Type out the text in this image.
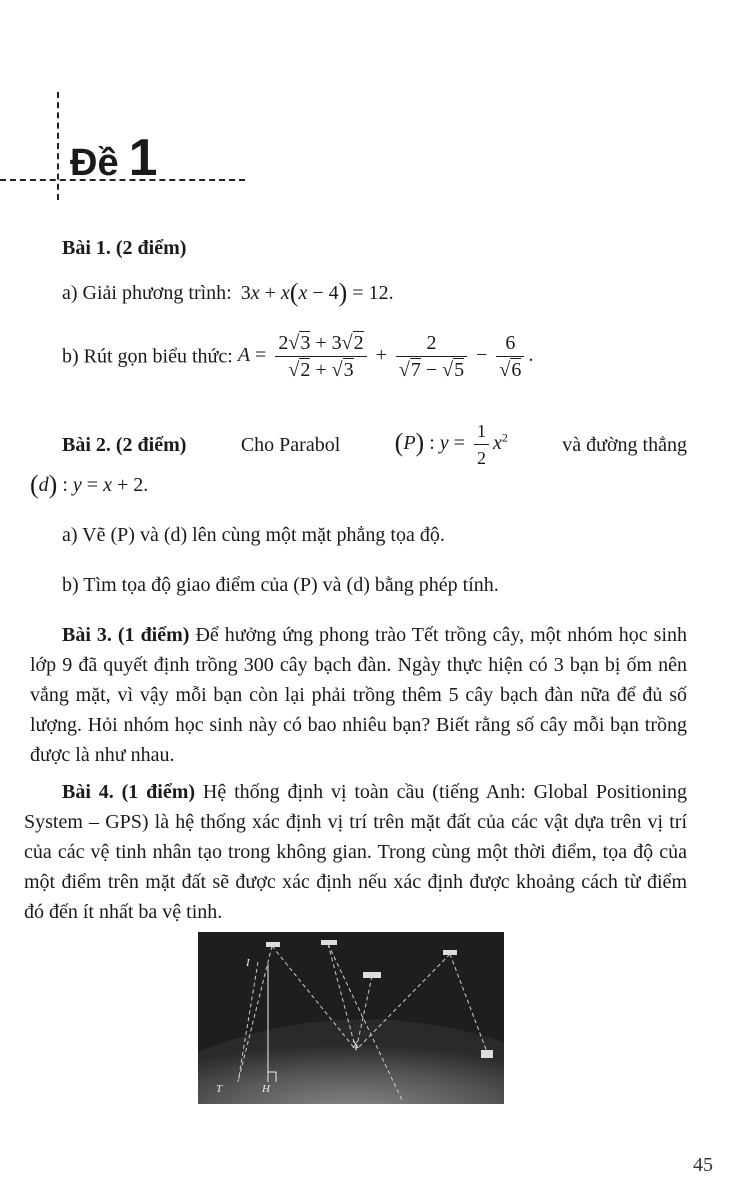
Đề 1
Bài 1. (2 điểm)
a) Giải phương trình: 3x + x(x − 4) = 12.
b) Rút gọn biểu thức: $A = \frac{2√3 + 3√2}{√2 + √3} + \frac{2}{√7 - √5} - \frac{6}{√6}$ .
Bài 2. (2 điểm)	Cho Parabol (P) : $y = \frac{1}{2} x^2$	và đường thẳng
(d) : y = x + 2.
a) Vẽ (P) và (d) lên cùng một mặt phẳng tọa độ.
b) Tìm tọa độ giao điểm của (P) và (d) bằng phép tính.
Bài 3. (1 điểm) Để hưởng ứng phong trào Tết trồng cây, một nhóm học sinh lớp 9 đã quyết định trồng 300 cây bạch đàn. Ngày thực hiện có 3 bạn bị ốm nên vắng mặt, vì vậy mỗi bạn còn lại phải trồng thêm 5 cây bạch đàn nữa để đủ số lượng. Hỏi nhóm học sinh này có bao nhiêu bạn? Biết rằng số cây mỗi bạn trồng được là như nhau.
Bài 4. (1 điểm) Hệ thống định vị toàn cầu (tiếng Anh: Global Positioning System – GPS) là hệ thống xác định vị trí trên mặt đất của các vật dựa trên vị trí của các vệ tinh nhân tạo trong không gian. Trong cùng một thời điểm, tọa độ của một điểm trên mặt đất sẽ được xác định nếu xác định được khoảng cách từ điểm đó đến ít nhất ba vệ tinh.
I
T	H
X
45
